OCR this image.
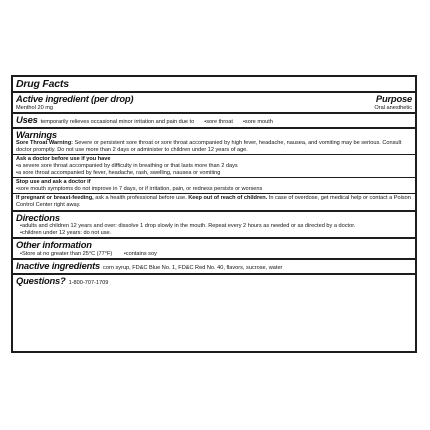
Drug Facts
Active ingredient (per drop)	Purpose
Menthol 20 mg	Oral anesthetic
Uses temporarily relieves occasional minor irritation and pain due to	• sore throat	• sore mouth
Warnings

Sore Throat Warning: Severe or persistent sore throat or sore throat accompanied by high fever, headache, nausea, and vomiting may be serious. Consult doctor promptly. Do not use more than 2 days or administer to children under 12 years of age.

Ask a doctor before use if you have

• a severe sore throat accompanied by difficulty in breathing or that lasts more than 2 days

• a sore throat accompanied by fever, headache, rash, swelling, nausea or vomiting

Stop use and ask a doctor if

• sore mouth symptoms do not improve in 7 days, or if irritation, pain, or redness persists or worsens

If pregnant or breast-feeding, ask a health professional before use. Keep out of reach of children. In case of overdose, get medical help or contact a Poison Control Center right away.

Directions

• adults and children 12 years and over: dissolve 1 drop slowly in the mouth. Repeat every 2 hours as needed or as directed by a doctor.

• children under 12 years: do not use.

Other information

• Store at no greater than 25°C (77°F) • contains soy

Inactive ingredients corn syrup, FD&C Blue No. 1, FD&C Red No. 40, flavors, sucrose, water
Questions? 1-800-707-1709
